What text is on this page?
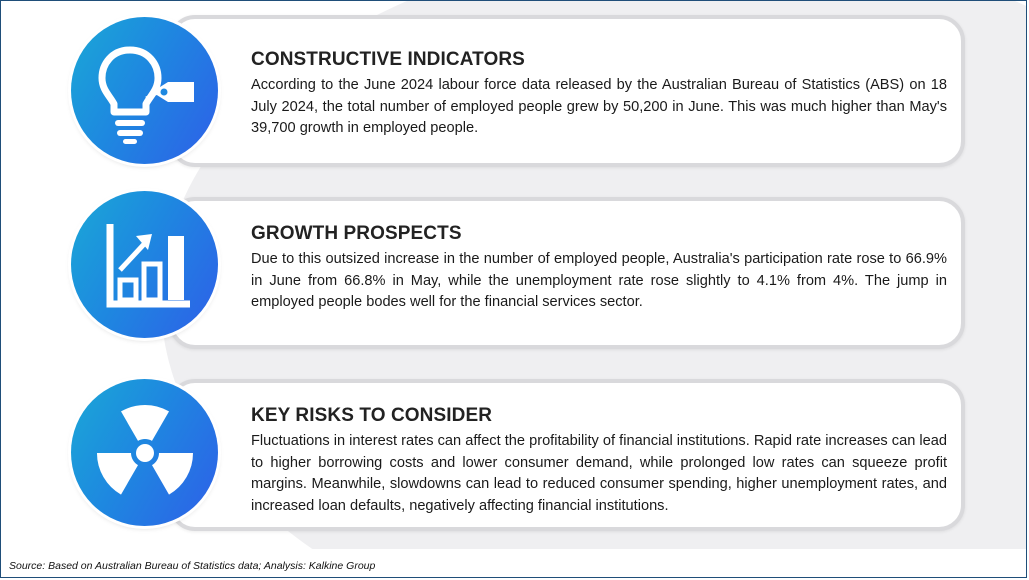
CONSTRUCTIVE INDICATORS

According to the June 2024 labour force data released by the Australian Bureau of Statistics (ABS) on 18 July 2024, the total number of employed people grew by 50,200 in June. This was much higher than May's 39,700 growth in employed people.

GROWTH PROSPECTS

Due to this outsized increase in the number of employed people, Australia's participation rate rose to 66.9% in June from 66.8% in May, while the unemployment rate rose slightly to 4.1% from 4%. The jump in employed people bodes well for the financial services sector.

KEY RISKS TO CONSIDER

Fluctuations in interest rates can affect the profitability of financial institutions. Rapid rate increases can lead to higher borrowing costs and lower consumer demand, while prolonged low rates can squeeze profit margins. Meanwhile, slowdowns can lead to reduced consumer spending, higher unemployment rates, and increased loan defaults, negatively affecting financial institutions.

Source: Based on Australian Bureau of Statistics data; Analysis: Kalkine Group
